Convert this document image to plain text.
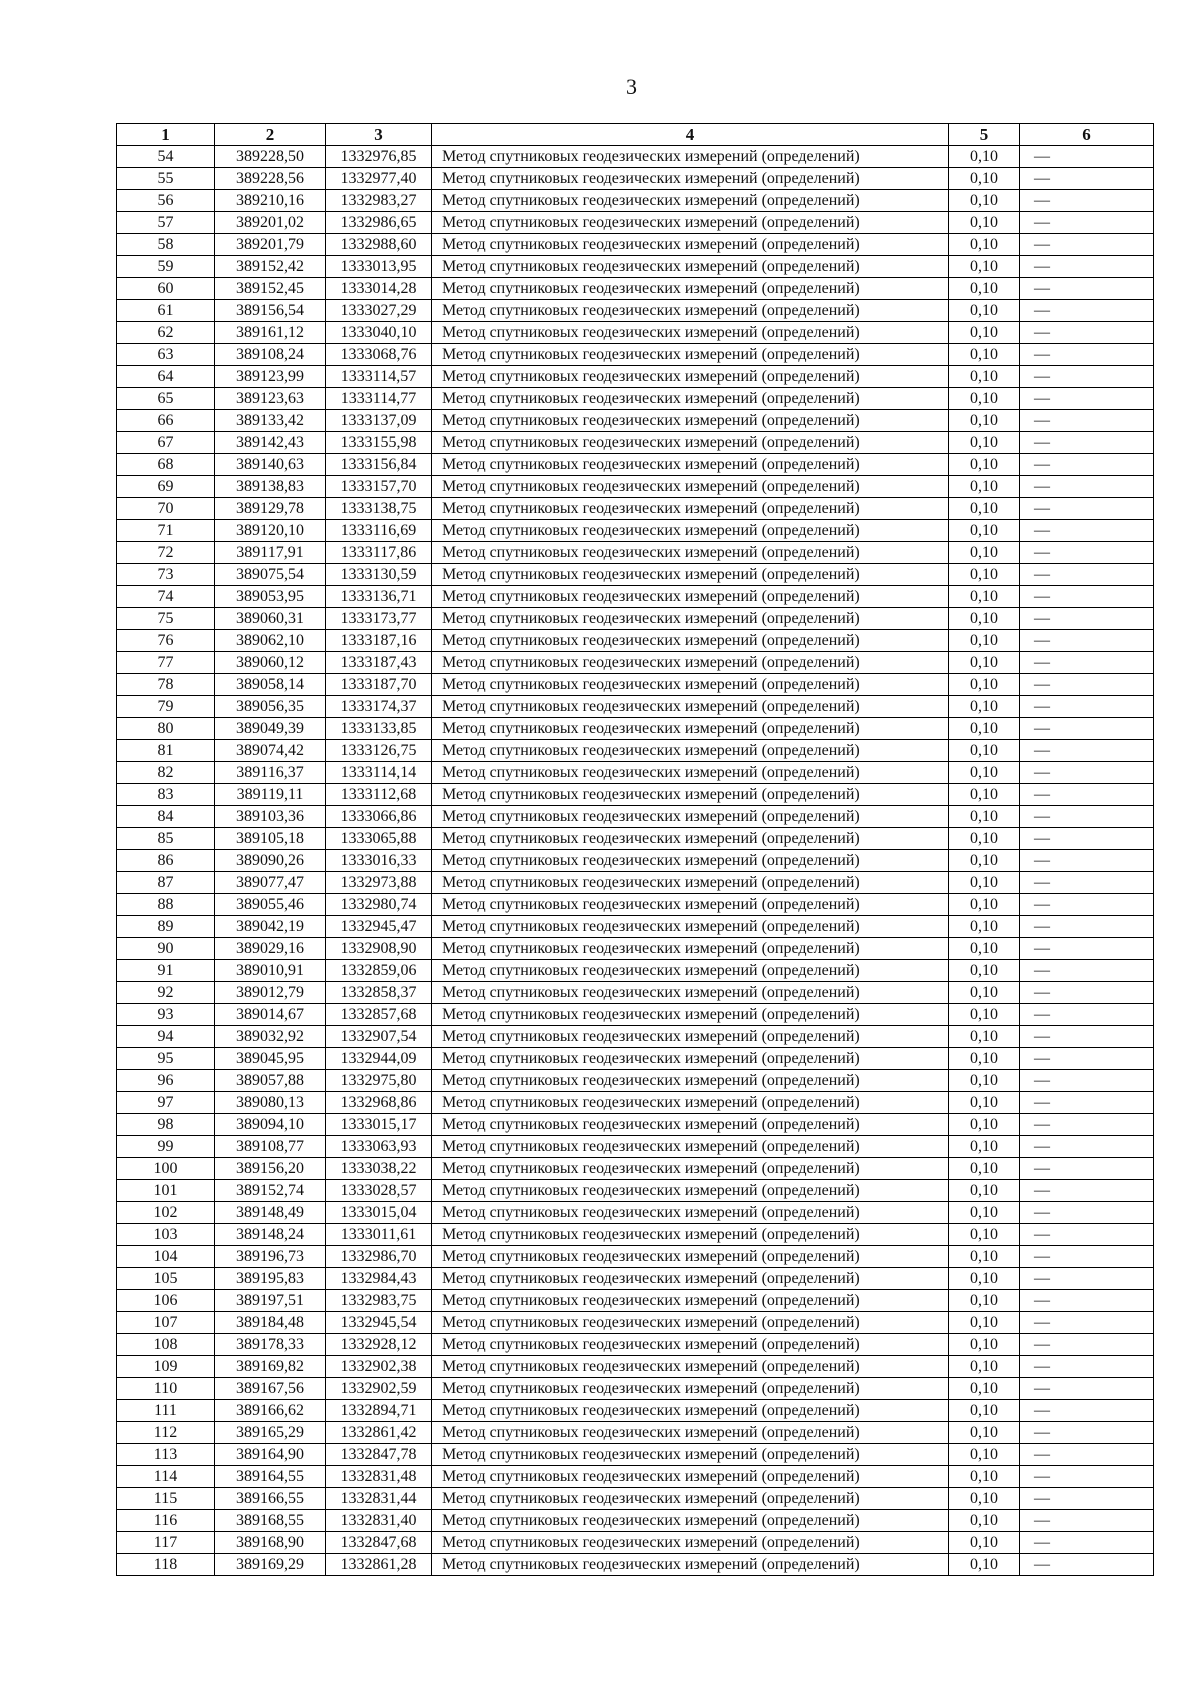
3
1	2	3	4	5	6
54	389228,50	1332976,85	Метод спутниковых геодезических измерений (определений)	0,10	—
55	389228,56	1332977,40	Метод спутниковых геодезических измерений (определений)	0,10	—
56	389210,16	1332983,27	Метод спутниковых геодезических измерений (определений)	0,10	—
57	389201,02	1332986,65	Метод спутниковых геодезических измерений (определений)	0,10	—
58	389201,79	1332988,60	Метод спутниковых геодезических измерений (определений)	0,10	—
59	389152,42	1333013,95	Метод спутниковых геодезических измерений (определений)	0,10	—
60	389152,45	1333014,28	Метод спутниковых геодезических измерений (определений)	0,10	—
61	389156,54	1333027,29	Метод спутниковых геодезических измерений (определений)	0,10	—
62	389161,12	1333040,10	Метод спутниковых геодезических измерений (определений)	0,10	—
63	389108,24	1333068,76	Метод спутниковых геодезических измерений (определений)	0,10	—
64	389123,99	1333114,57	Метод спутниковых геодезических измерений (определений)	0,10	—
65	389123,63	1333114,77	Метод спутниковых геодезических измерений (определений)	0,10	—
66	389133,42	1333137,09	Метод спутниковых геодезических измерений (определений)	0,10	—
67	389142,43	1333155,98	Метод спутниковых геодезических измерений (определений)	0,10	—
68	389140,63	1333156,84	Метод спутниковых геодезических измерений (определений)	0,10	—
69	389138,83	1333157,70	Метод спутниковых геодезических измерений (определений)	0,10	—
70	389129,78	1333138,75	Метод спутниковых геодезических измерений (определений)	0,10	—
71	389120,10	1333116,69	Метод спутниковых геодезических измерений (определений)	0,10	—
72	389117,91	1333117,86	Метод спутниковых геодезических измерений (определений)	0,10	—
73	389075,54	1333130,59	Метод спутниковых геодезических измерений (определений)	0,10	—
74	389053,95	1333136,71	Метод спутниковых геодезических измерений (определений)	0,10	—
75	389060,31	1333173,77	Метод спутниковых геодезических измерений (определений)	0,10	—
76	389062,10	1333187,16	Метод спутниковых геодезических измерений (определений)	0,10	—
77	389060,12	1333187,43	Метод спутниковых геодезических измерений (определений)	0,10	—
78	389058,14	1333187,70	Метод спутниковых геодезических измерений (определений)	0,10	—
79	389056,35	1333174,37	Метод спутниковых геодезических измерений (определений)	0,10	—
80	389049,39	1333133,85	Метод спутниковых геодезических измерений (определений)	0,10	—
81	389074,42	1333126,75	Метод спутниковых геодезических измерений (определений)	0,10	—
82	389116,37	1333114,14	Метод спутниковых геодезических измерений (определений)	0,10	—
83	389119,11	1333112,68	Метод спутниковых геодезических измерений (определений)	0,10	—
84	389103,36	1333066,86	Метод спутниковых геодезических измерений (определений)	0,10	—
85	389105,18	1333065,88	Метод спутниковых геодезических измерений (определений)	0,10	—
86	389090,26	1333016,33	Метод спутниковых геодезических измерений (определений)	0,10	—
87	389077,47	1332973,88	Метод спутниковых геодезических измерений (определений)	0,10	—
88	389055,46	1332980,74	Метод спутниковых геодезических измерений (определений)	0,10	—
89	389042,19	1332945,47	Метод спутниковых геодезических измерений (определений)	0,10	—
90	389029,16	1332908,90	Метод спутниковых геодезических измерений (определений)	0,10	—
91	389010,91	1332859,06	Метод спутниковых геодезических измерений (определений)	0,10	—
92	389012,79	1332858,37	Метод спутниковых геодезических измерений (определений)	0,10	—
93	389014,67	1332857,68	Метод спутниковых геодезических измерений (определений)	0,10	—
94	389032,92	1332907,54	Метод спутниковых геодезических измерений (определений)	0,10	—
95	389045,95	1332944,09	Метод спутниковых геодезических измерений (определений)	0,10	—
96	389057,88	1332975,80	Метод спутниковых геодезических измерений (определений)	0,10	—
97	389080,13	1332968,86	Метод спутниковых геодезических измерений (определений)	0,10	—
98	389094,10	1333015,17	Метод спутниковых геодезических измерений (определений)	0,10	—
99	389108,77	1333063,93	Метод спутниковых геодезических измерений (определений)	0,10	—
100	389156,20	1333038,22	Метод спутниковых геодезических измерений (определений)	0,10	—
101	389152,74	1333028,57	Метод спутниковых геодезических измерений (определений)	0,10	—
102	389148,49	1333015,04	Метод спутниковых геодезических измерений (определений)	0,10	—
103	389148,24	1333011,61	Метод спутниковых геодезических измерений (определений)	0,10	—
104	389196,73	1332986,70	Метод спутниковых геодезических измерений (определений)	0,10	—
105	389195,83	1332984,43	Метод спутниковых геодезических измерений (определений)	0,10	—
106	389197,51	1332983,75	Метод спутниковых геодезических измерений (определений)	0,10	—
107	389184,48	1332945,54	Метод спутниковых геодезических измерений (определений)	0,10	—
108	389178,33	1332928,12	Метод спутниковых геодезических измерений (определений)	0,10	—
109	389169,82	1332902,38	Метод спутниковых геодезических измерений (определений)	0,10	—
110	389167,56	1332902,59	Метод спутниковых геодезических измерений (определений)	0,10	—
111	389166,62	1332894,71	Метод спутниковых геодезических измерений (определений)	0,10	—
112	389165,29	1332861,42	Метод спутниковых геодезических измерений (определений)	0,10	—
113	389164,90	1332847,78	Метод спутниковых геодезических измерений (определений)	0,10	—
114	389164,55	1332831,48	Метод спутниковых геодезических измерений (определений)	0,10	—
115	389166,55	1332831,44	Метод спутниковых геодезических измерений (определений)	0,10	—
116	389168,55	1332831,40	Метод спутниковых геодезических измерений (определений)	0,10	—
117	389168,90	1332847,68	Метод спутниковых геодезических измерений (определений)	0,10	—
118	389169,29	1332861,28	Метод спутниковых геодезических измерений (определений)	0,10	—
